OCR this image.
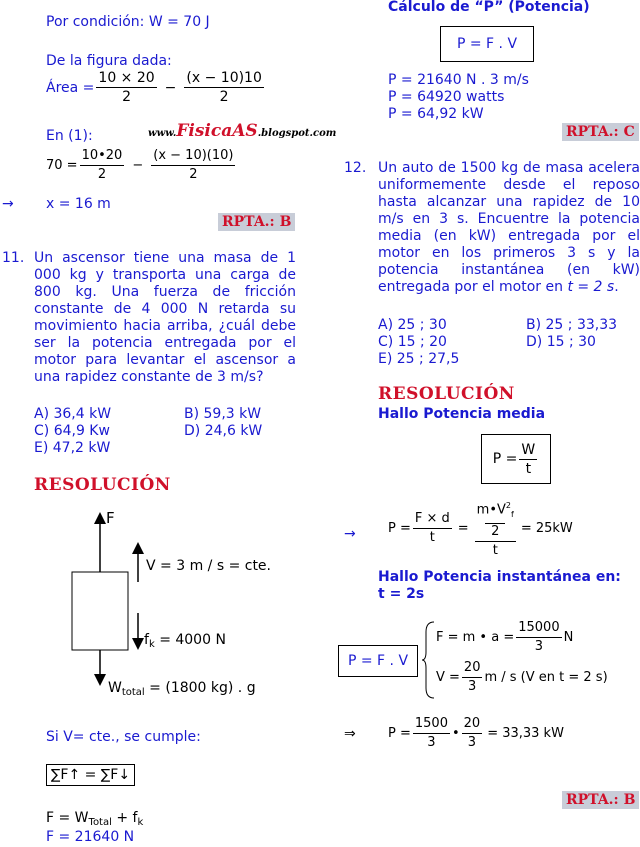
Por condición: W = 70 J
De la figura dada:
Área = $\frac{10 \times 20}{2} - \frac{(x - 10)10}{2}$
En (1):	www.FisicaAS.blogspot.com
$70 = \frac{10•20}{2} - \frac{(x - 10)(10)}{2}$
→ x = 16 m
RPTA.: B
11. Un ascensor tiene una masa de 1 000 kg y transporta una carga de 800 kg. Una fuerza de fricción constante de 4 000 N retarda su movimiento hacia arriba, ¿cuál debe ser la potencia entregada por el motor para levantar el ascensor a una rapidez constante de 3 m/s?
A) 36,4 kW	B) 59,3 kW
C) 64,9 Kw	D) 24,6 kW
E) 47,2 kW
RESOLUCIÓN
F
V = 3 m / s = cte.
$f_k = 4000$ N
$W_{total} = (1800$ kg) . g
Si V= cte., se cumple:
∑F↑ = ∑F↓
$F = W_{Total} + f_k$
F = 21640 N
Cálculo de “P” (Potencia)
P = F . V
P = 21640 N . 3 m/s
P = 64920 watts
P = 64,92 kW
RPTA.: C
12. Un auto de 1500 kg de masa acelera uniformemente desde el reposo hasta alcanzar una rapidez de 10 m/s en 3 s. Encuentre la potencia media (en kW) entregada por el motor en los primeros 3 s y la potencia instantánea (en kW) entregada por el motor en t = 2 s.
A) 25 ; 30	B) 25 ; 33,33
C) 15 ; 20	D) 15 ; 30
E) 25 ; 27,5
RESOLUCIÓN
Hallo Potencia media
$P = \frac{W}{t}$
→ $P = \frac{F \times d}{t}$ = $m•V^2_f$
2
t = 25kW
Hallo Potencia instantánea en:
t = 2s
P = F . V
F = m • $a = \frac{15000}{3}$ N
$V = \frac{20}{3}$ m / s (V en t = 2 s)
⇒ $P = \frac{1500}{3}$ • $\frac{20}{3} = 33,33$ kW
RPTA.: B
